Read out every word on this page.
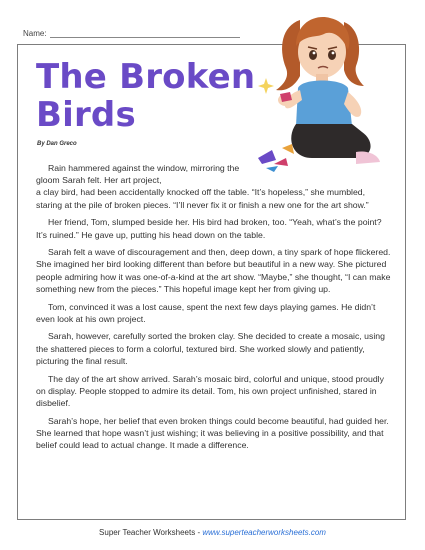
Name:
The Broken
Birds
By Dan Greco

Rain hammered against the window, mirroring the gloom Sarah felt. Her art project,

a clay bird, had been accidentally knocked off the table. “It’s hopeless,” she mumbled, staring at the pile of broken pieces. “I’ll never fix it or finish a new one for the art show.”

Her friend, Tom, slumped beside her. His bird had broken, too. “Yeah, what’s the point? It’s ruined.” He gave up, putting his head down on the table.

Sarah felt a wave of discouragement and then, deep down, a tiny spark of hope flickered. She imagined her bird looking different than before but beautiful in a new way. She pictured people admiring how it was one-of-a-kind at the art show. “Maybe,” she thought, “I can make something new from the pieces.” This hopeful image kept her from giving up.

Tom, convinced it was a lost cause, spent the next few days playing games. He didn’t even look at his own project.

Sarah, however, carefully sorted the broken clay. She decided to create a mosaic, using the shattered pieces to form a colorful, textured bird. She worked slowly and patiently, picturing the final result.

The day of the art show arrived. Sarah’s mosaic bird, colorful and unique, stood proudly on display. People stopped to admire its detail. Tom, his own project unfinished, stared in disbelief.

Sarah’s hope, her belief that even broken things could become beautiful, had guided her. She learned that hope wasn’t just wishing; it was believing in a positive possibility, and that belief could lead to actual change. It made a difference.

Super Teacher Worksheets - www.superteacherworksheets.com
